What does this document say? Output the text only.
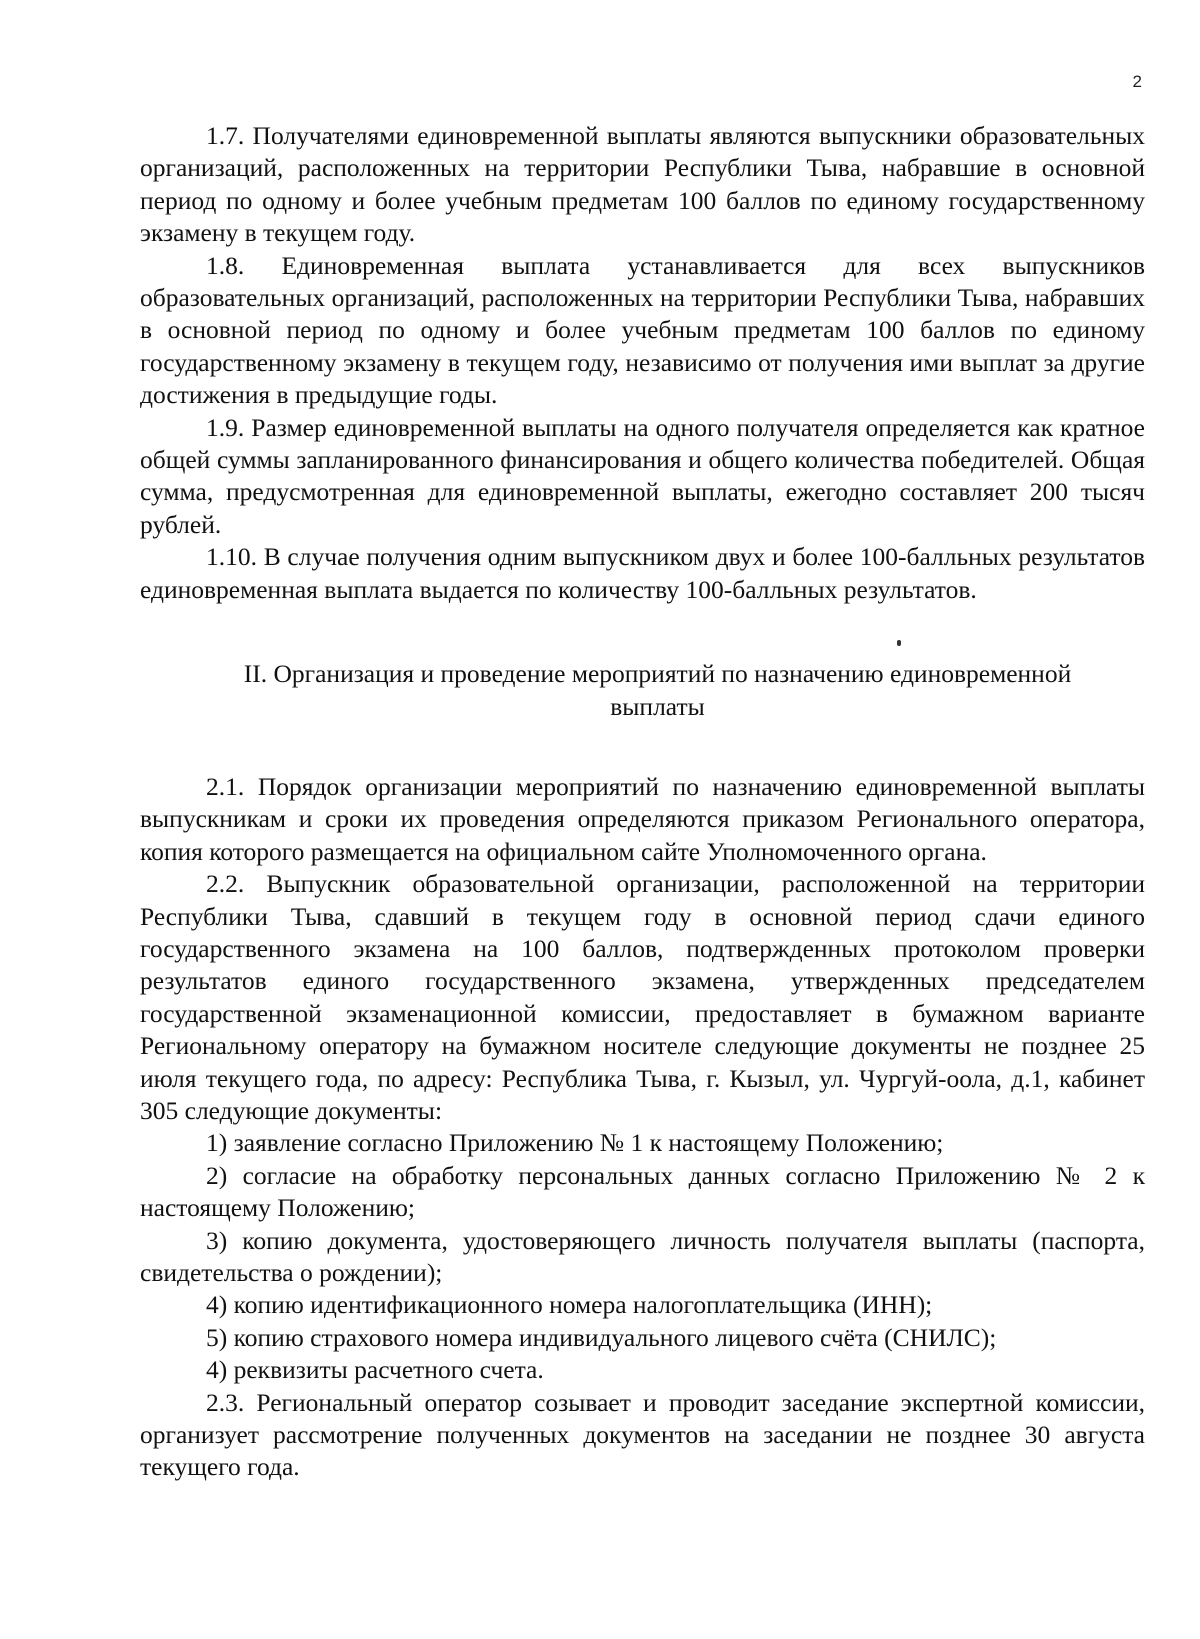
2

1.7. Получателями единовременной выплаты являются выпускники образовательных организаций, расположенных на территории Республики Тыва, набравшие в основной период по одному и более учебным предметам 100 баллов по единому государственному экзамену в текущем году.

1.8. Единовременная выплата устанавливается для всех выпускников образовательных организаций, расположенных на территории Республики Тыва, набравших в основной период по одному и более учебным предметам 100 баллов по единому государственному экзамену в текущем году, независимо от получения ими выплат за другие достижения в предыдущие годы.

1.9. Размер единовременной выплаты на одного получателя определяется как кратное общей суммы запланированного финансирования и общего количества победителей. Общая сумма, предусмотренная для единовременной выплаты, ежегодно составляет 200 тысяч рублей.

1.10. В случае получения одним выпускником двух и более 100-балльных результатов единовременная выплата выдается по количеству 100-балльных результатов.

II. Организация и проведение мероприятий по назначению единовременной
выплаты

2.1. Порядок организации мероприятий по назначению единовременной выплаты выпускникам и сроки их проведения определяются приказом Регионального оператора, копия которого размещается на официальном сайте Уполномоченного органа.

2.2. Выпускник образовательной организации, расположенной на территории Республики Тыва, сдавший в текущем году в основной период сдачи единого государственного экзамена на 100 баллов, подтвержденных протоколом проверки результатов единого государственного экзамена, утвержденных председателем государственной экзаменационной комиссии, предоставляет в бумажном варианте Региональному оператору на бумажном носителе следующие документы не позднее 25 июля текущего года, по адресу: Республика Тыва, г. Кызыл, ул. Чургуй-оола, д.1, кабинет 305 следующие документы:

1) заявление согласно Приложению № 1 к настоящему Положению;

2) согласие на обработку персональных данных согласно Приложению № 2 к настоящему Положению;

3) копию документа, удостоверяющего личность получателя выплаты (паспорта, свидетельства о рождении);

4) копию идентификационного номера налогоплательщика (ИНН);

5) копию страхового номера индивидуального лицевого счёта (СНИЛС);

4) реквизиты расчетного счета.

2.3. Региональный оператор созывает и проводит заседание экспертной комиссии, организует рассмотрение полученных документов на заседании не позднее 30 августа текущего года.
